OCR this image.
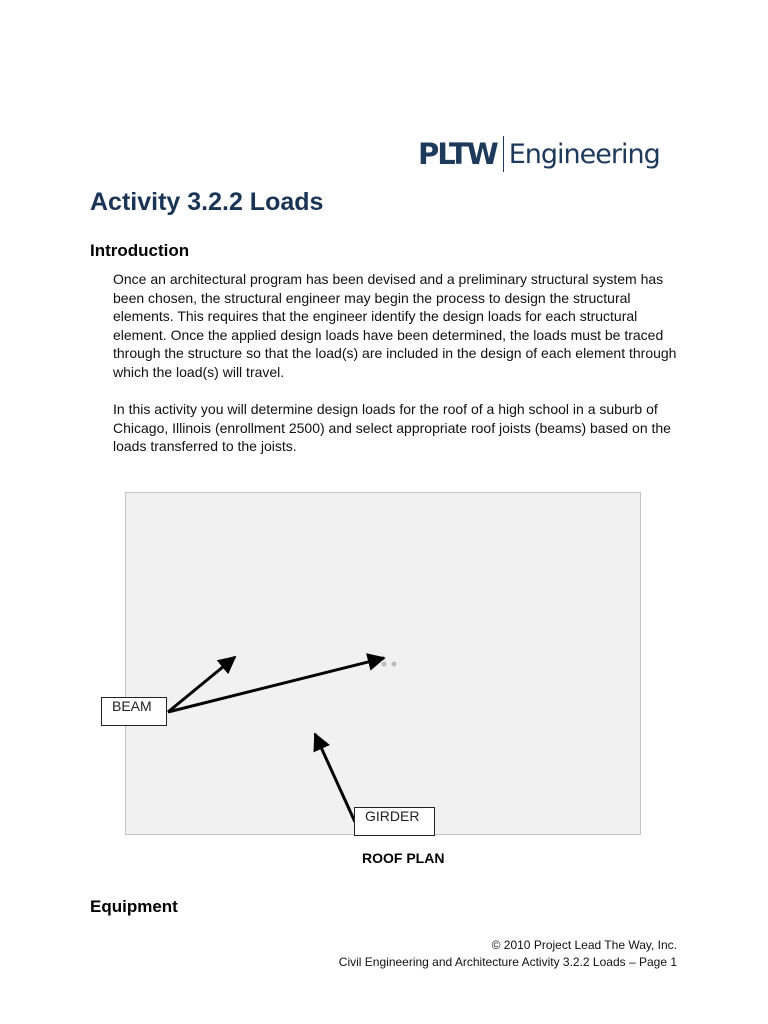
PLTW Engineering
Activity 3.2.2 Loads
Introduction

Once an architectural program has been devised and a preliminary structural system has been chosen, the structural engineer may begin the process to design the structural elements. This requires that the engineer identify the design loads for each structural element. Once the applied design loads have been determined, the loads must be traced through the structure so that the load(s) are included in the design of each element through which the load(s) will travel.

In this activity you will determine design loads for the roof of a high school in a suburb of Chicago, Illinois (enrollment 2500) and select appropriate roof joists (beams) based on the loads transferred to the joists.

BEAM
GIRDER

ROOF PLAN

Equipment
© 2010 Project Lead The Way, Inc.
Civil Engineering and Architecture Activity 3.2.2 Loads – Page 1
